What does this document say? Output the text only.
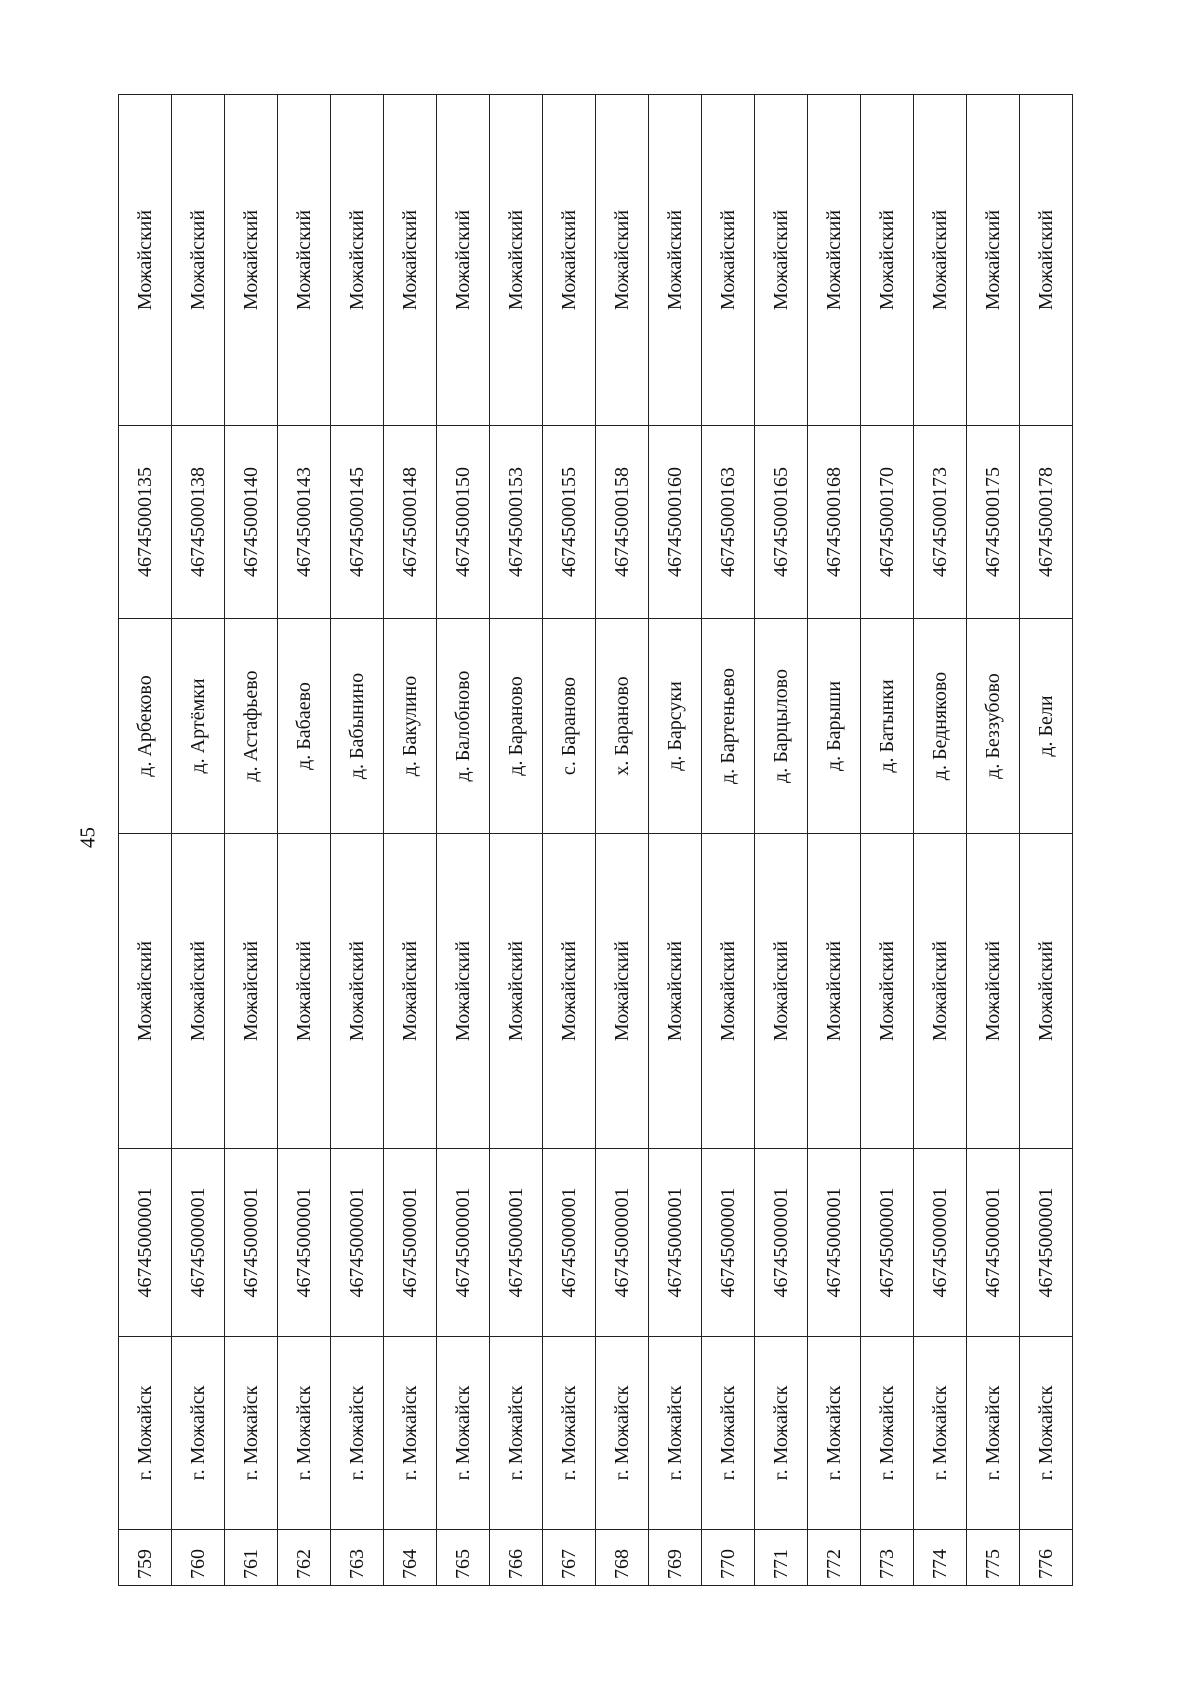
45
759	г. Можайск	46745000001	Можайский	д. Арбеково	46745000135	Можайский
760	г. Можайск	46745000001	Можайский	д. Артёмки	46745000138	Можайский
761	г. Можайск	46745000001	Можайский	д. Астафьево	46745000140	Можайский
762	г. Можайск	46745000001	Можайский	д. Бабаево	46745000143	Можайский
763	г. Можайск	46745000001	Можайский	д. Бабынино	46745000145	Можайский
764	г. Можайск	46745000001	Можайский	д. Бакулино	46745000148	Можайский
765	г. Можайск	46745000001	Можайский	д. Балобново	46745000150	Можайский
766	г. Можайск	46745000001	Можайский	д. Бараново	46745000153	Можайский
767	г. Можайск	46745000001	Можайский	с. Бараново	46745000155	Можайский
768	г. Можайск	46745000001	Можайский	х. Бараново	46745000158	Можайский
769	г. Можайск	46745000001	Можайский	д. Барсуки	46745000160	Можайский
770	г. Можайск	46745000001	Можайский	д. Бартеньево	46745000163	Можайский
771	г. Можайск	46745000001	Можайский	д. Барцылово	46745000165	Можайский
772	г. Можайск	46745000001	Можайский	д. Барыши	46745000168	Можайский
773	г. Можайск	46745000001	Можайский	д. Батынки	46745000170	Можайский
774	г. Можайск	46745000001	Можайский	д. Бедняково	46745000173	Можайский
775	г. Можайск	46745000001	Можайский	д. Беззубово	46745000175	Можайский
776	г. Можайск	46745000001	Можайский	д. Бели	46745000178	Можайский
